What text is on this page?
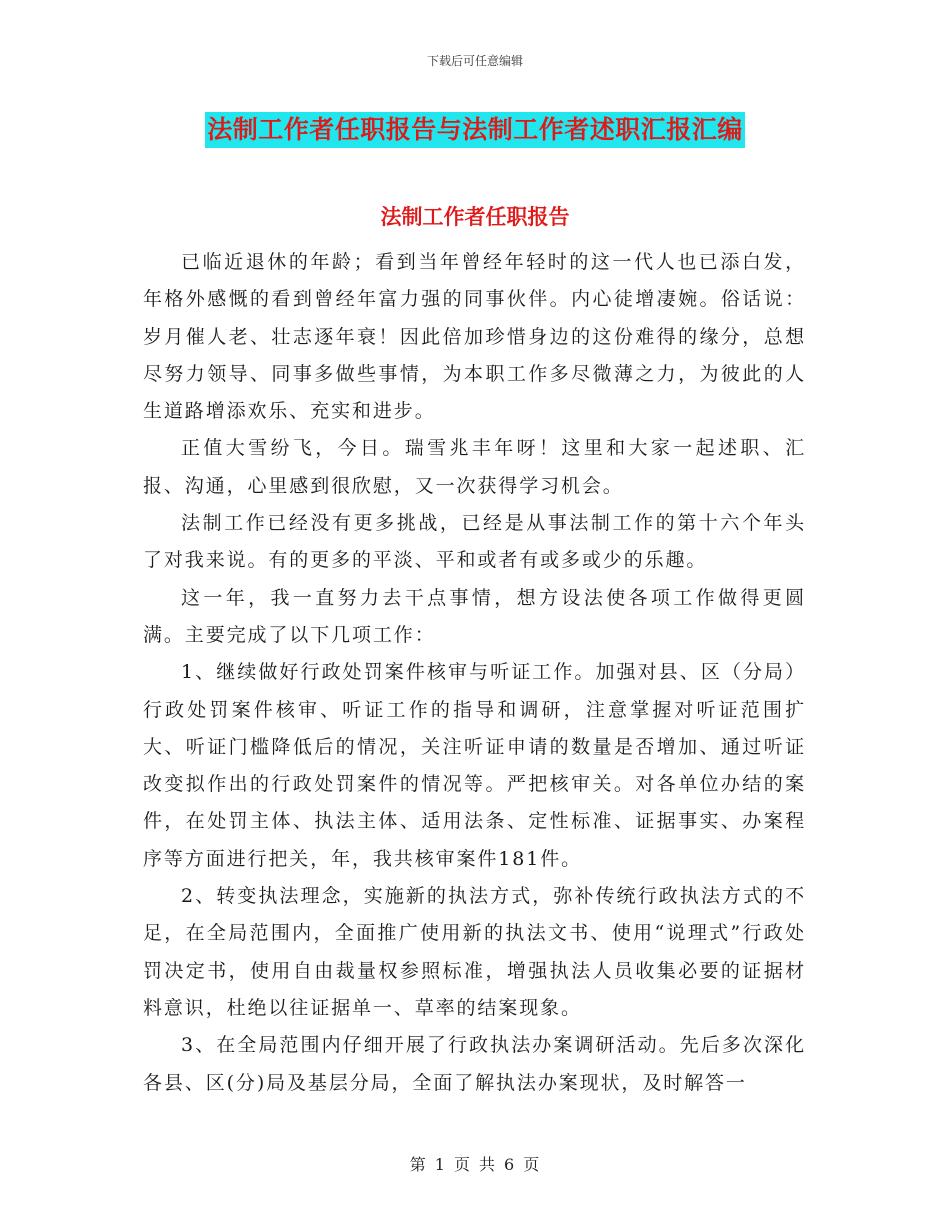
下载后可任意编辑
法制工作者任职报告与法制工作者述职汇报汇编
法制工作者任职报告

已临近退休的年龄；看到当年曾经年轻时的这一代人也已添白发，年格外感慨的看到曾经年富力强的同事伙伴。内心徒增凄婉。俗话说：岁月催人老、壮志逐年衰！因此倍加珍惜身边的这份难得的缘分，总想尽努力领导、同事多做些事情，为本职工作多尽微薄之力，为彼此的人生道路增添欢乐、充实和进步。

正值大雪纷飞，今日。瑞雪兆丰年呀！这里和大家一起述职、汇报、沟通，心里感到很欣慰，又一次获得学习机会。

法制工作已经没有更多挑战，已经是从事法制工作的第十六个年头了对我来说。有的更多的平淡、平和或者有或多或少的乐趣。

这一年，我一直努力去干点事情，想方设法使各项工作做得更圆满。主要完成了以下几项工作：

1、继续做好行政处罚案件核审与听证工作。加强对县、区（分局）行政处罚案件核审、听证工作的指导和调研，注意掌握对听证范围扩大、听证门槛降低后的情况，关注听证申请的数量是否增加、通过听证改变拟作出的行政处罚案件的情况等。严把核审关。对各单位办结的案件，在处罚主体、执法主体、适用法条、定性标准、证据事实、办案程序等方面进行把关，年，我共核审案件181件。

2、转变执法理念，实施新的执法方式，弥补传统行政执法方式的不足，在全局范围内，全面推广使用新的执法文书、使用“说理式”行政处罚决定书，使用自由裁量权参照标准，增强执法人员收集必要的证据材料意识，杜绝以往证据单一、草率的结案现象。

3、在全局范围内仔细开展了行政执法办案调研活动。先后多次深化各县、区(分)局及基层分局，全面了解执法办案现状，及时解答一

第 1 页 共 6 页
